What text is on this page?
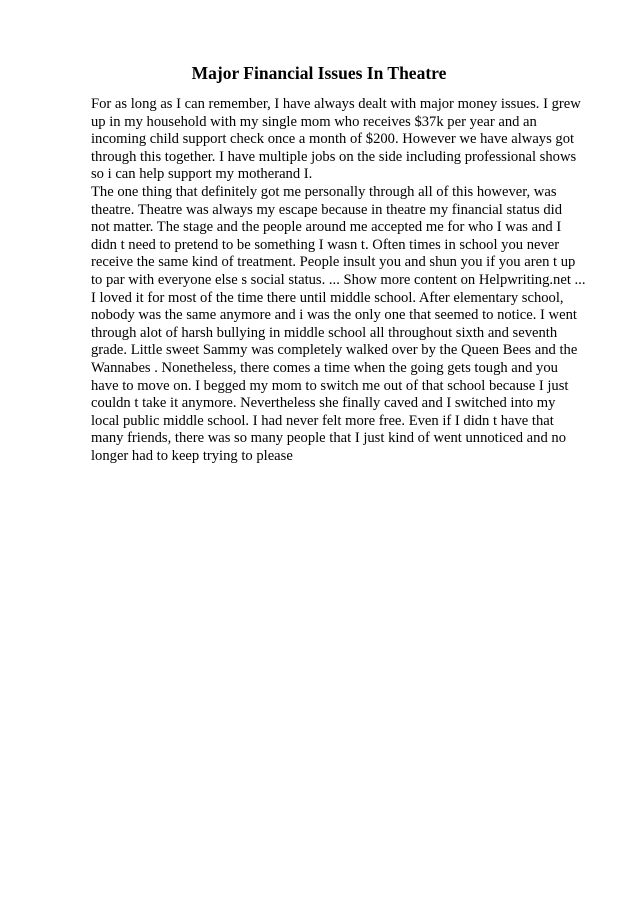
Major Financial Issues In Theatre
For as long as I can remember, I have always dealt with major money issues. I grew
up in my household with my single mom who receives $37k per year and an
incoming child support check once a month of $200. However we have always got
through this together. I have multiple jobs on the side including professional shows
so i can help support my motherand I.
The one thing that definitely got me personally through all of this however, was
theatre. Theatre was always my escape because in theatre my financial status did
not matter. The stage and the people around me accepted me for who I was and I
didn t need to pretend to be something I wasn t. Often times in school you never
receive the same kind of treatment. People insult you and shun you if you aren t up
to par with everyone else s social status. ... Show more content on Helpwriting.net ...
I loved it for most of the time there until middle school. After elementary school,
nobody was the same anymore and i was the only one that seemed to notice. I went
through alot of harsh bullying in middle school all throughout sixth and seventh
grade. Little sweet Sammy was completely walked over by the Queen Bees and the
Wannabes . Nonetheless, there comes a time when the going gets tough and you
have to move on. I begged my mom to switch me out of that school because I just
couldn t take it anymore. Nevertheless she finally caved and I switched into my
local public middle school. I had never felt more free. Even if I didn t have that
many friends, there was so many people that I just kind of went unnoticed and no
longer had to keep trying to please
